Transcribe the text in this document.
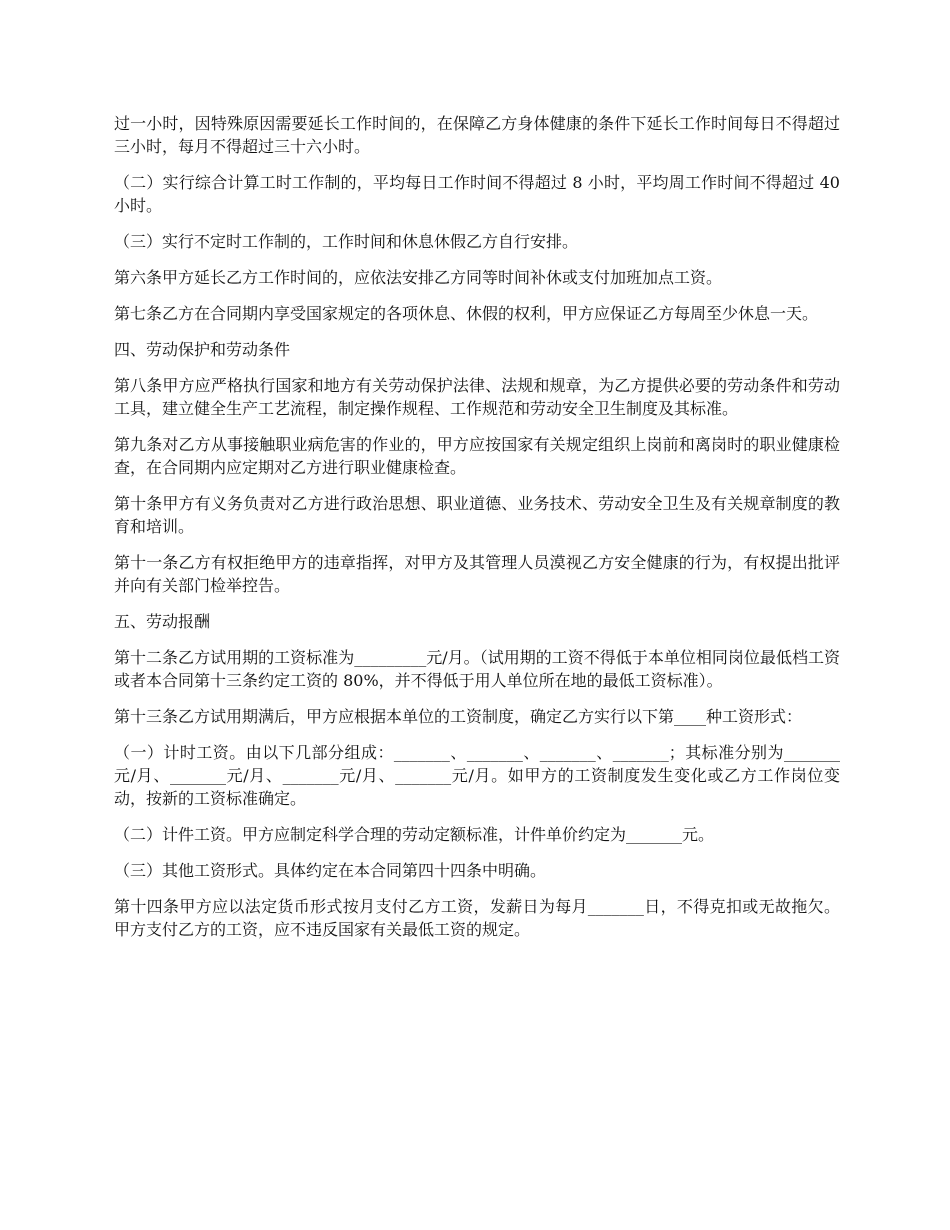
过一小时，因特殊原因需要延长工作时间的，在保障乙方身体健康的条件下延长工作时间每日不得超过三小时，每月不得超过三十六小时。

（二）实行综合计算工时工作制的，平均每日工作时间不得超过 8 小时，平均周工作时间不得超过 40 小时。

（三）实行不定时工作制的，工作时间和休息休假乙方自行安排。

第六条甲方延长乙方工作时间的，应依法安排乙方同等时间补休或支付加班加点工资。

第七条乙方在合同期内享受国家规定的各项休息、休假的权利，甲方应保证乙方每周至少休息一天。

四、劳动保护和劳动条件

第八条甲方应严格执行国家和地方有关劳动保护法律、法规和规章，为乙方提供必要的劳动条件和劳动工具，建立健全生产工艺流程，制定操作规程、工作规范和劳动安全卫生制度及其标准。

第九条对乙方从事接触职业病危害的作业的，甲方应按国家有关规定组织上岗前和离岗时的职业健康检查，在合同期内应定期对乙方进行职业健康检查。

第十条甲方有义务负责对乙方进行政治思想、职业道德、业务技术、劳动安全卫生及有关规章制度的教育和培训。

第十一条乙方有权拒绝甲方的违章指挥，对甲方及其管理人员漠视乙方安全健康的行为，有权提出批评并向有关部门检举控告。

五、劳动报酬

第十二条乙方试用期的工资标准为_________元/月。（试用期的工资不得低于本单位相同岗位最低档工资或者本合同第十三条约定工资的 80%，并不得低于用人单位所在地的最低工资标准）。

第十三条乙方试用期满后，甲方应根据本单位的工资制度，确定乙方实行以下第____种工资形式：

（一）计时工资。由以下几部分组成：_______、_______、_______、_______；其标准分别为_______元/月、_______元/月、_______元/月、_______元/月。如甲方的工资制度发生变化或乙方工作岗位变动，按新的工资标准确定。

（二）计件工资。甲方应制定科学合理的劳动定额标准，计件单价约定为_______元。

（三）其他工资形式。具体约定在本合同第四十四条中明确。

第十四条甲方应以法定货币形式按月支付乙方工资，发薪日为每月_______日，不得克扣或无故拖欠。甲方支付乙方的工资，应不违反国家有关最低工资的规定。
